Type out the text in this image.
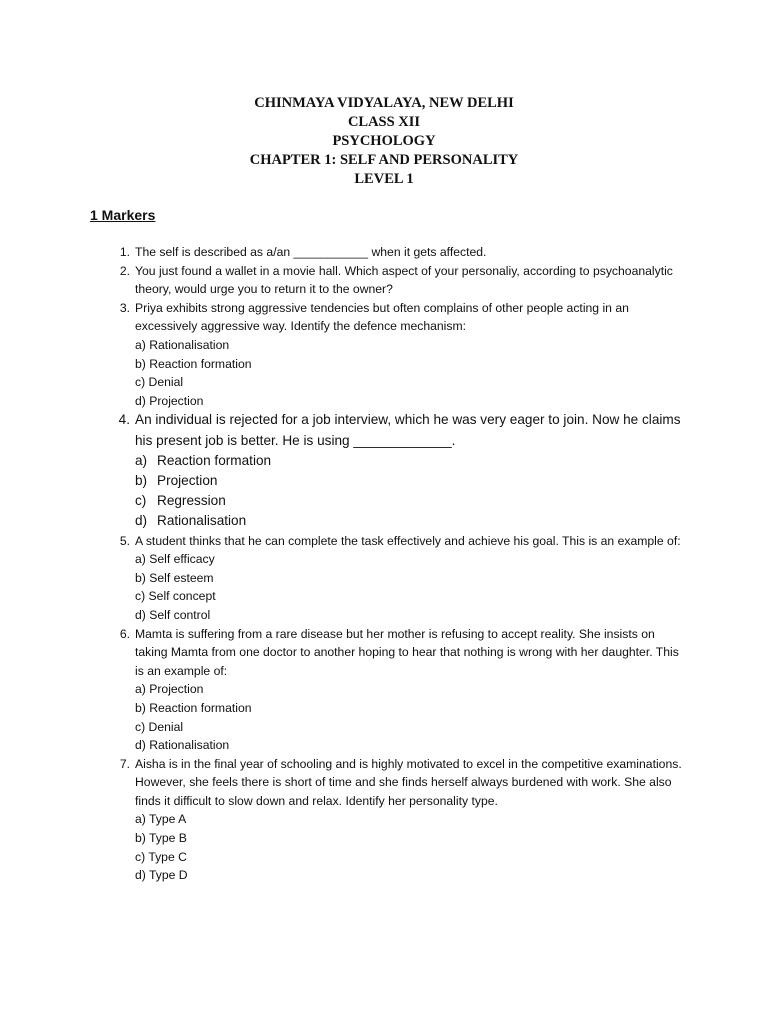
CHINMAYA VIDYALAYA, NEW DELHI
CLASS XII
PSYCHOLOGY
CHAPTER 1: SELF AND PERSONALITY
LEVEL 1
1 Markers
1. The self is described as a/an ___________ when it gets affected.
2. You just found a wallet in a movie hall. Which aspect of your personaliy, according to psychoanalytic theory, would urge you to return it to the owner?
3. Priya exhibits strong aggressive tendencies but often complains of other people acting in an excessively aggressive way. Identify the defence mechanism:
a) Rationalisation
b) Reaction formation
c) Denial
d) Projection
4. An individual is rejected for a job interview, which he was very eager to join. Now he claims his present job is better. He is using _____________.
a) Reaction formation
b) Projection
c) Regression
d) Rationalisation
5. A student thinks that he can complete the task effectively and achieve his goal. This is an example of:
a) Self efficacy
b) Self esteem
c) Self concept
d) Self control
6. Mamta is suffering from a rare disease but her mother is refusing to accept reality. She insists on taking Mamta from one doctor to another hoping to hear that nothing is wrong with her daughter. This is an example of:
a) Projection
b) Reaction formation
c) Denial
d) Rationalisation
7. Aisha is in the final year of schooling and is highly motivated to excel in the competitive examinations. However, she feels there is short of time and she finds herself always burdened with work. She also finds it difficult to slow down and relax. Identify her personality type.
a) Type A
b) Type B
c) Type C
d) Type D
